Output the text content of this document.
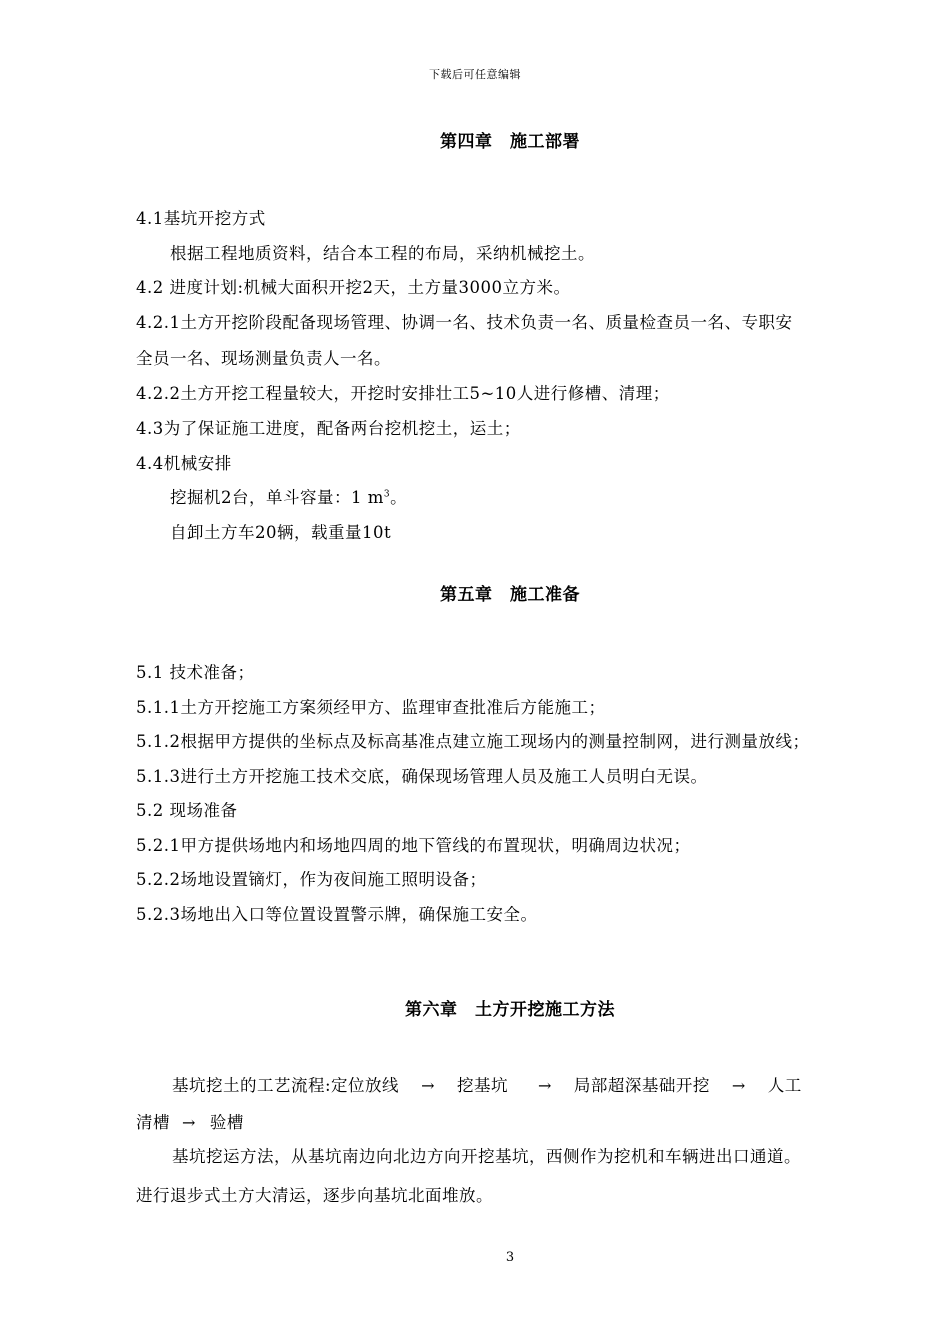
下载后可任意编辑
第四章　施工部署
4.1基坑开挖方式
根据工程地质资料，结合本工程的布局，采纳机械挖土。
4.2 进度计划:机械大面积开挖2天，土方量3000立方米。
4.2.1土方开挖阶段配备现场管理、协调一名、技术负责一名、质量检查员一名、专职安
全员一名、现场测量负责人一名。
4.2.2土方开挖工程量较大，开挖时安排壮工5~10人进行修槽、清理；
4.3为了保证施工进度，配备两台挖机挖土，运土；
4.4机械安排
挖掘机2台，单斗容量：1 $m^3$。
自卸土方车20辆，载重量10t
第五章　施工准备
5.1 技术准备；
5.1.1土方开挖施工方案须经甲方、监理审查批准后方能施工；
5.1.2根据甲方提供的坐标点及标高基准点建立施工现场内的测量控制网，进行测量放线；
5.1.3进行土方开挖施工技术交底，确保现场管理人员及施工人员明白无误。
5.2 现场准备
5.2.1甲方提供场地内和场地四周的地下管线的布置现状，明确周边状况；
5.2.2场地设置镝灯，作为夜间施工照明设备；
5.2.3场地出入口等位置设置警示牌，确保施工安全。
第六章　土方开挖施工方法
基坑挖土的工艺流程:定位放线 → 挖基坑 → 局部超深基础开挖 → 人工
清槽 → 验槽
基坑挖运方法，从基坑南边向北边方向开挖基坑，西侧作为挖机和车辆进出口通道。
进行退步式土方大清运，逐步向基坑北面堆放。
3
